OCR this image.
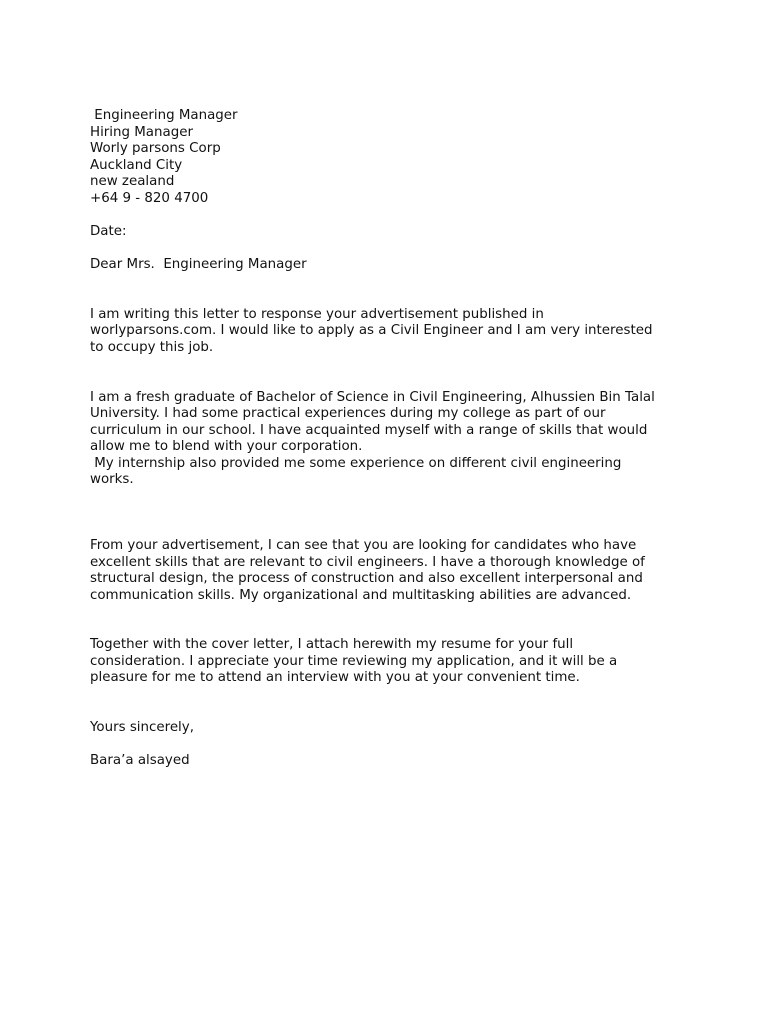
Engineering Manager
Hiring Manager
Worly parsons Corp
Auckland City
new zealand
+64 9 - 820 4700
Date:
Dear Mrs.  Engineering Manager
I am writing this letter to response your advertisement published in
worlyparsons.com. I would like to apply as a Civil Engineer and I am very interested
to occupy this job.
I am a fresh graduate of Bachelor of Science in Civil Engineering, Alhussien Bin Talal
University. I had some practical experiences during my college as part of our
curriculum in our school. I have acquainted myself with a range of skills that would
allow me to blend with your corporation.
My internship also provided me some experience on different civil engineering
works.
From your advertisement, I can see that you are looking for candidates who have
excellent skills that are relevant to civil engineers. I have a thorough knowledge of
structural design, the process of construction and also excellent interpersonal and
communication skills. My organizational and multitasking abilities are advanced.
Together with the cover letter, I attach herewith my resume for your full
consideration. I appreciate your time reviewing my application, and it will be a
pleasure for me to attend an interview with you at your convenient time.
Yours sincerely,
Bara’a alsayed
